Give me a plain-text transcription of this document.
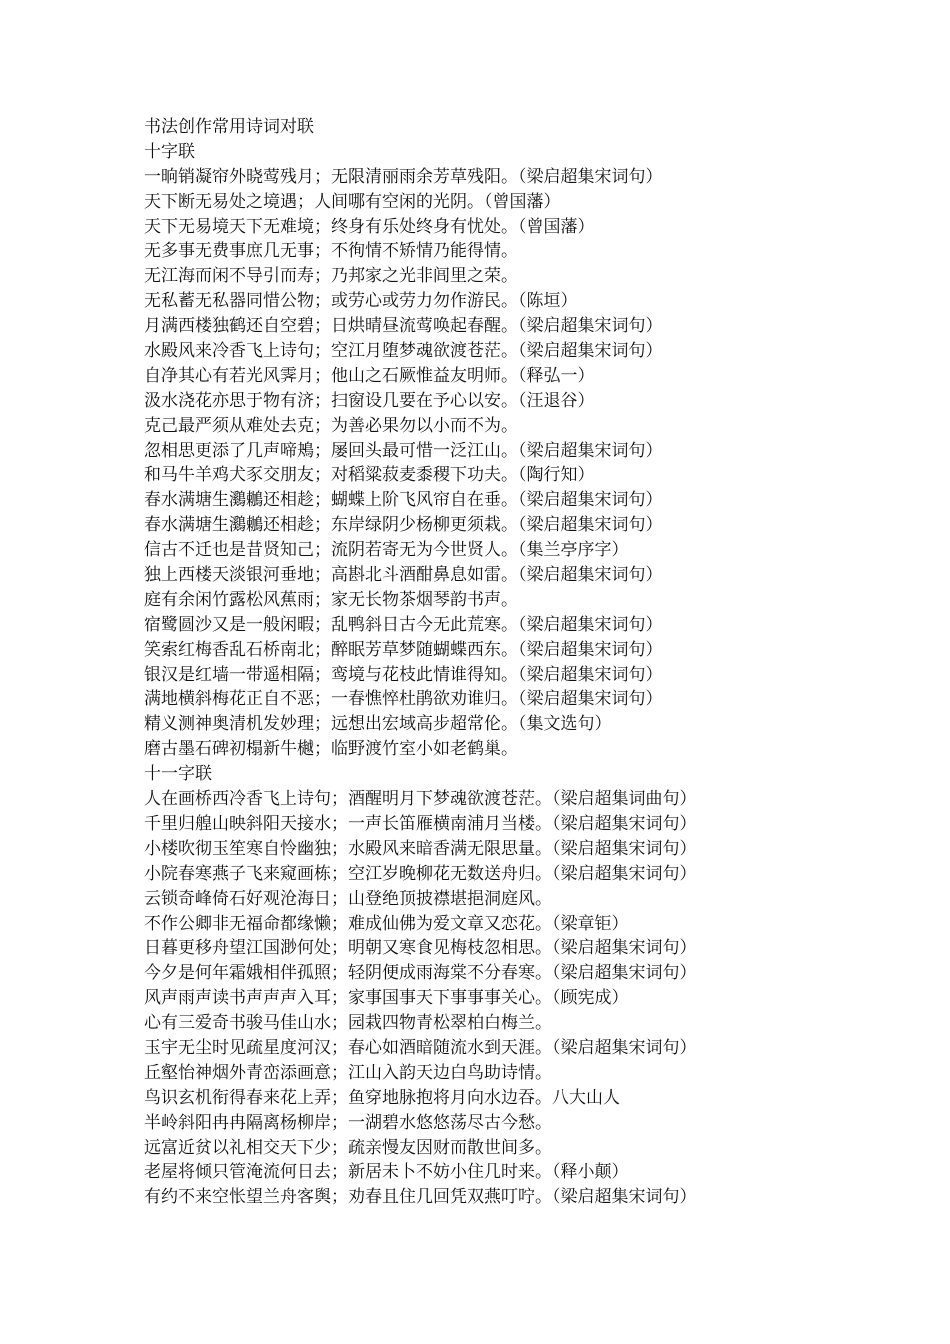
书法创作常用诗词对联
十字联
一晌销凝帘外晓莺残月；无限清丽雨余芳草残阳。（梁启超集宋词句）
天下断无易处之境遇；人间哪有空闲的光阴。（曾国藩）
天下无易境天下无难境；终身有乐处终身有忧处。（曾国藩）
无多事无费事庶几无事；不徇情不矫情乃能得情。
无江海而闲不导引而寿；乃邦家之光非闾里之荣。
无私蓄无私器同惜公物；或劳心或劳力勿作游民。（陈垣）
月满西楼独鹤还自空碧；日烘晴昼流莺唤起春醒。（梁启超集宋词句）
水殿风来冷香飞上诗句；空江月堕梦魂欲渡苍茫。（梁启超集宋词句）
自净其心有若光风霁月；他山之石厥惟益友明师。（释弘一）
汲水浇花亦思于物有济；扫窗设几要在予心以安。（汪退谷）
克己最严须从难处去克；为善必果勿以小而不为。
忽相思更添了几声啼鴂；屡回头最可惜一泛江山。（梁启超集宋词句）
和马牛羊鸡犬豕交朋友；对稻粱菽麦黍稷下功夫。（陶行知）
春水满塘生鸂鶒还相趁；蝴蝶上阶飞风帘自在垂。（梁启超集宋词句）
春水满塘生鸂鶒还相趁；东岸绿阴少杨柳更须栽。（梁启超集宋词句）
信古不迁也是昔贤知己；流阴若寄无为今世贤人。（集兰亭序字）
独上西楼天淡银河垂地；高斟北斗酒酣鼻息如雷。（梁启超集宋词句）
庭有余闲竹露松风蕉雨；家无长物茶烟琴韵书声。
宿鹭圆沙又是一般闲暇；乱鸭斜日古今无此荒寒。（梁启超集宋词句）
笑索红梅香乱石桥南北；醉眠芳草梦随蝴蝶西东。（梁启超集宋词句）
银汉是红墙一带遥相隔；鸾境与花枝此情谁得知。（梁启超集宋词句）
满地横斜梅花正自不恶；一春憔悴杜鹃欲劝谁归。（梁启超集宋词句）
精义测神奥清机发妙理；远想出宏域高步超常伦。（集文选句）
磨古墨石碑初榻新牛樾；临野渡竹室小如老鹤巢。
十一字联
人在画桥西冷香飞上诗句；酒醒明月下梦魂欲渡苍茫。（梁启超集词曲句）
千里归艎山映斜阳天接水；一声长笛雁横南浦月当楼。（梁启超集宋词句）
小楼吹彻玉笙寒自怜幽独；水殿风来暗香满无限思量。（梁启超集宋词句）
小院春寒燕子飞来窥画栋；空江岁晚柳花无数送舟归。（梁启超集宋词句）
云锁奇峰倚石好观沧海日；山登绝顶披襟堪挹洞庭风。
不作公卿非无福命都缘懒；难成仙佛为爱文章又恋花。（梁章钜）
日暮更移舟望江国渺何处；明朝又寒食见梅枝忽相思。（梁启超集宋词句）
今夕是何年霜娥相伴孤照；轻阴便成雨海棠不分春寒。（梁启超集宋词句）
风声雨声读书声声声入耳；家事国事天下事事事关心。（顾宪成）
心有三爱奇书骏马佳山水；园栽四物青松翠柏白梅兰。
玉宇无尘时见疏星度河汉；春心如酒暗随流水到天涯。（梁启超集宋词句）
丘壑怡神烟外青峦添画意；江山入韵天边白鸟助诗情。
鸟识玄机衔得春来花上弄；鱼穿地脉抱将月向水边吞。八大山人
半岭斜阳冉冉隔离杨柳岸；一湖碧水悠悠荡尽古今愁。
远富近贫以礼相交天下少；疏亲慢友因财而散世间多。
老屋将倾只管淹流何日去；新居未卜不妨小住几时来。（释小颠）
有约不来空怅望兰舟客舆；劝春且住几回凭双燕叮咛。（梁启超集宋词句）
